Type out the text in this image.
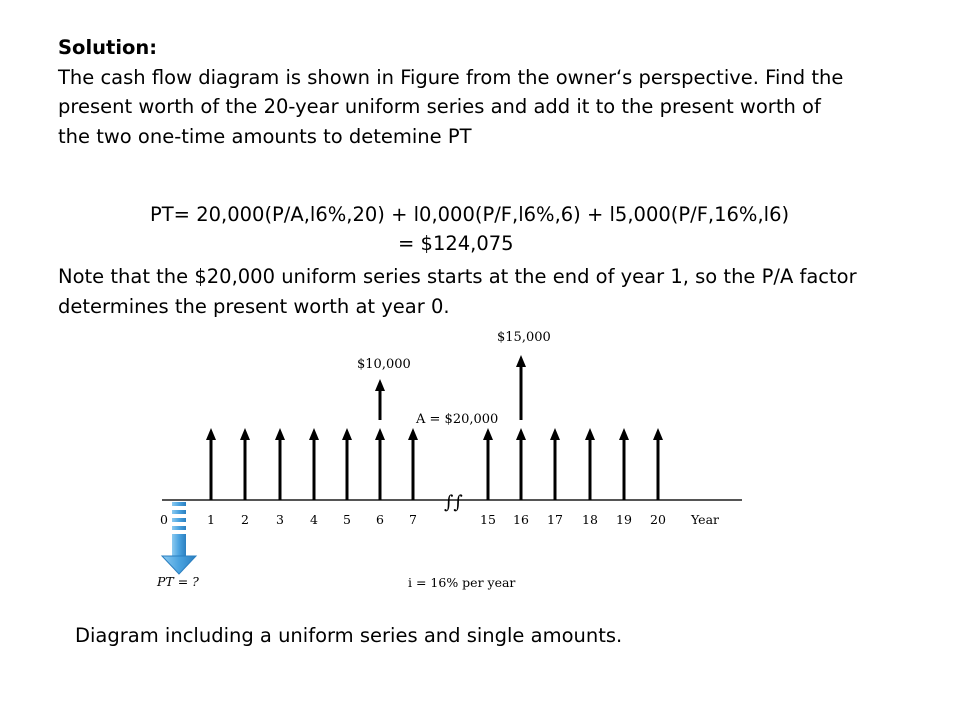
Solution:
The cash flow diagram is shown in Figure from the owner‘s perspective. Find the
present worth of the 20-year uniform series and add it to the present worth of
the two one-time amounts to detemine PT
PT= 20,000(P/A,l6%,20) + l0,000(P/F,l6%,6) + l5,000(P/F,16%,l6)
= $124,075
Note that the $20,000 uniform series starts at the end of year 1, so the P/A factor
determines the present worth at year 0.
∫∫
$15,000
$10,000
A = $20,000
0	1 2 3 4 5 6 7	15 16 17 18 19 20 Year
PT = ?	i = 16% per year
Diagram including a uniform series and single amounts.
